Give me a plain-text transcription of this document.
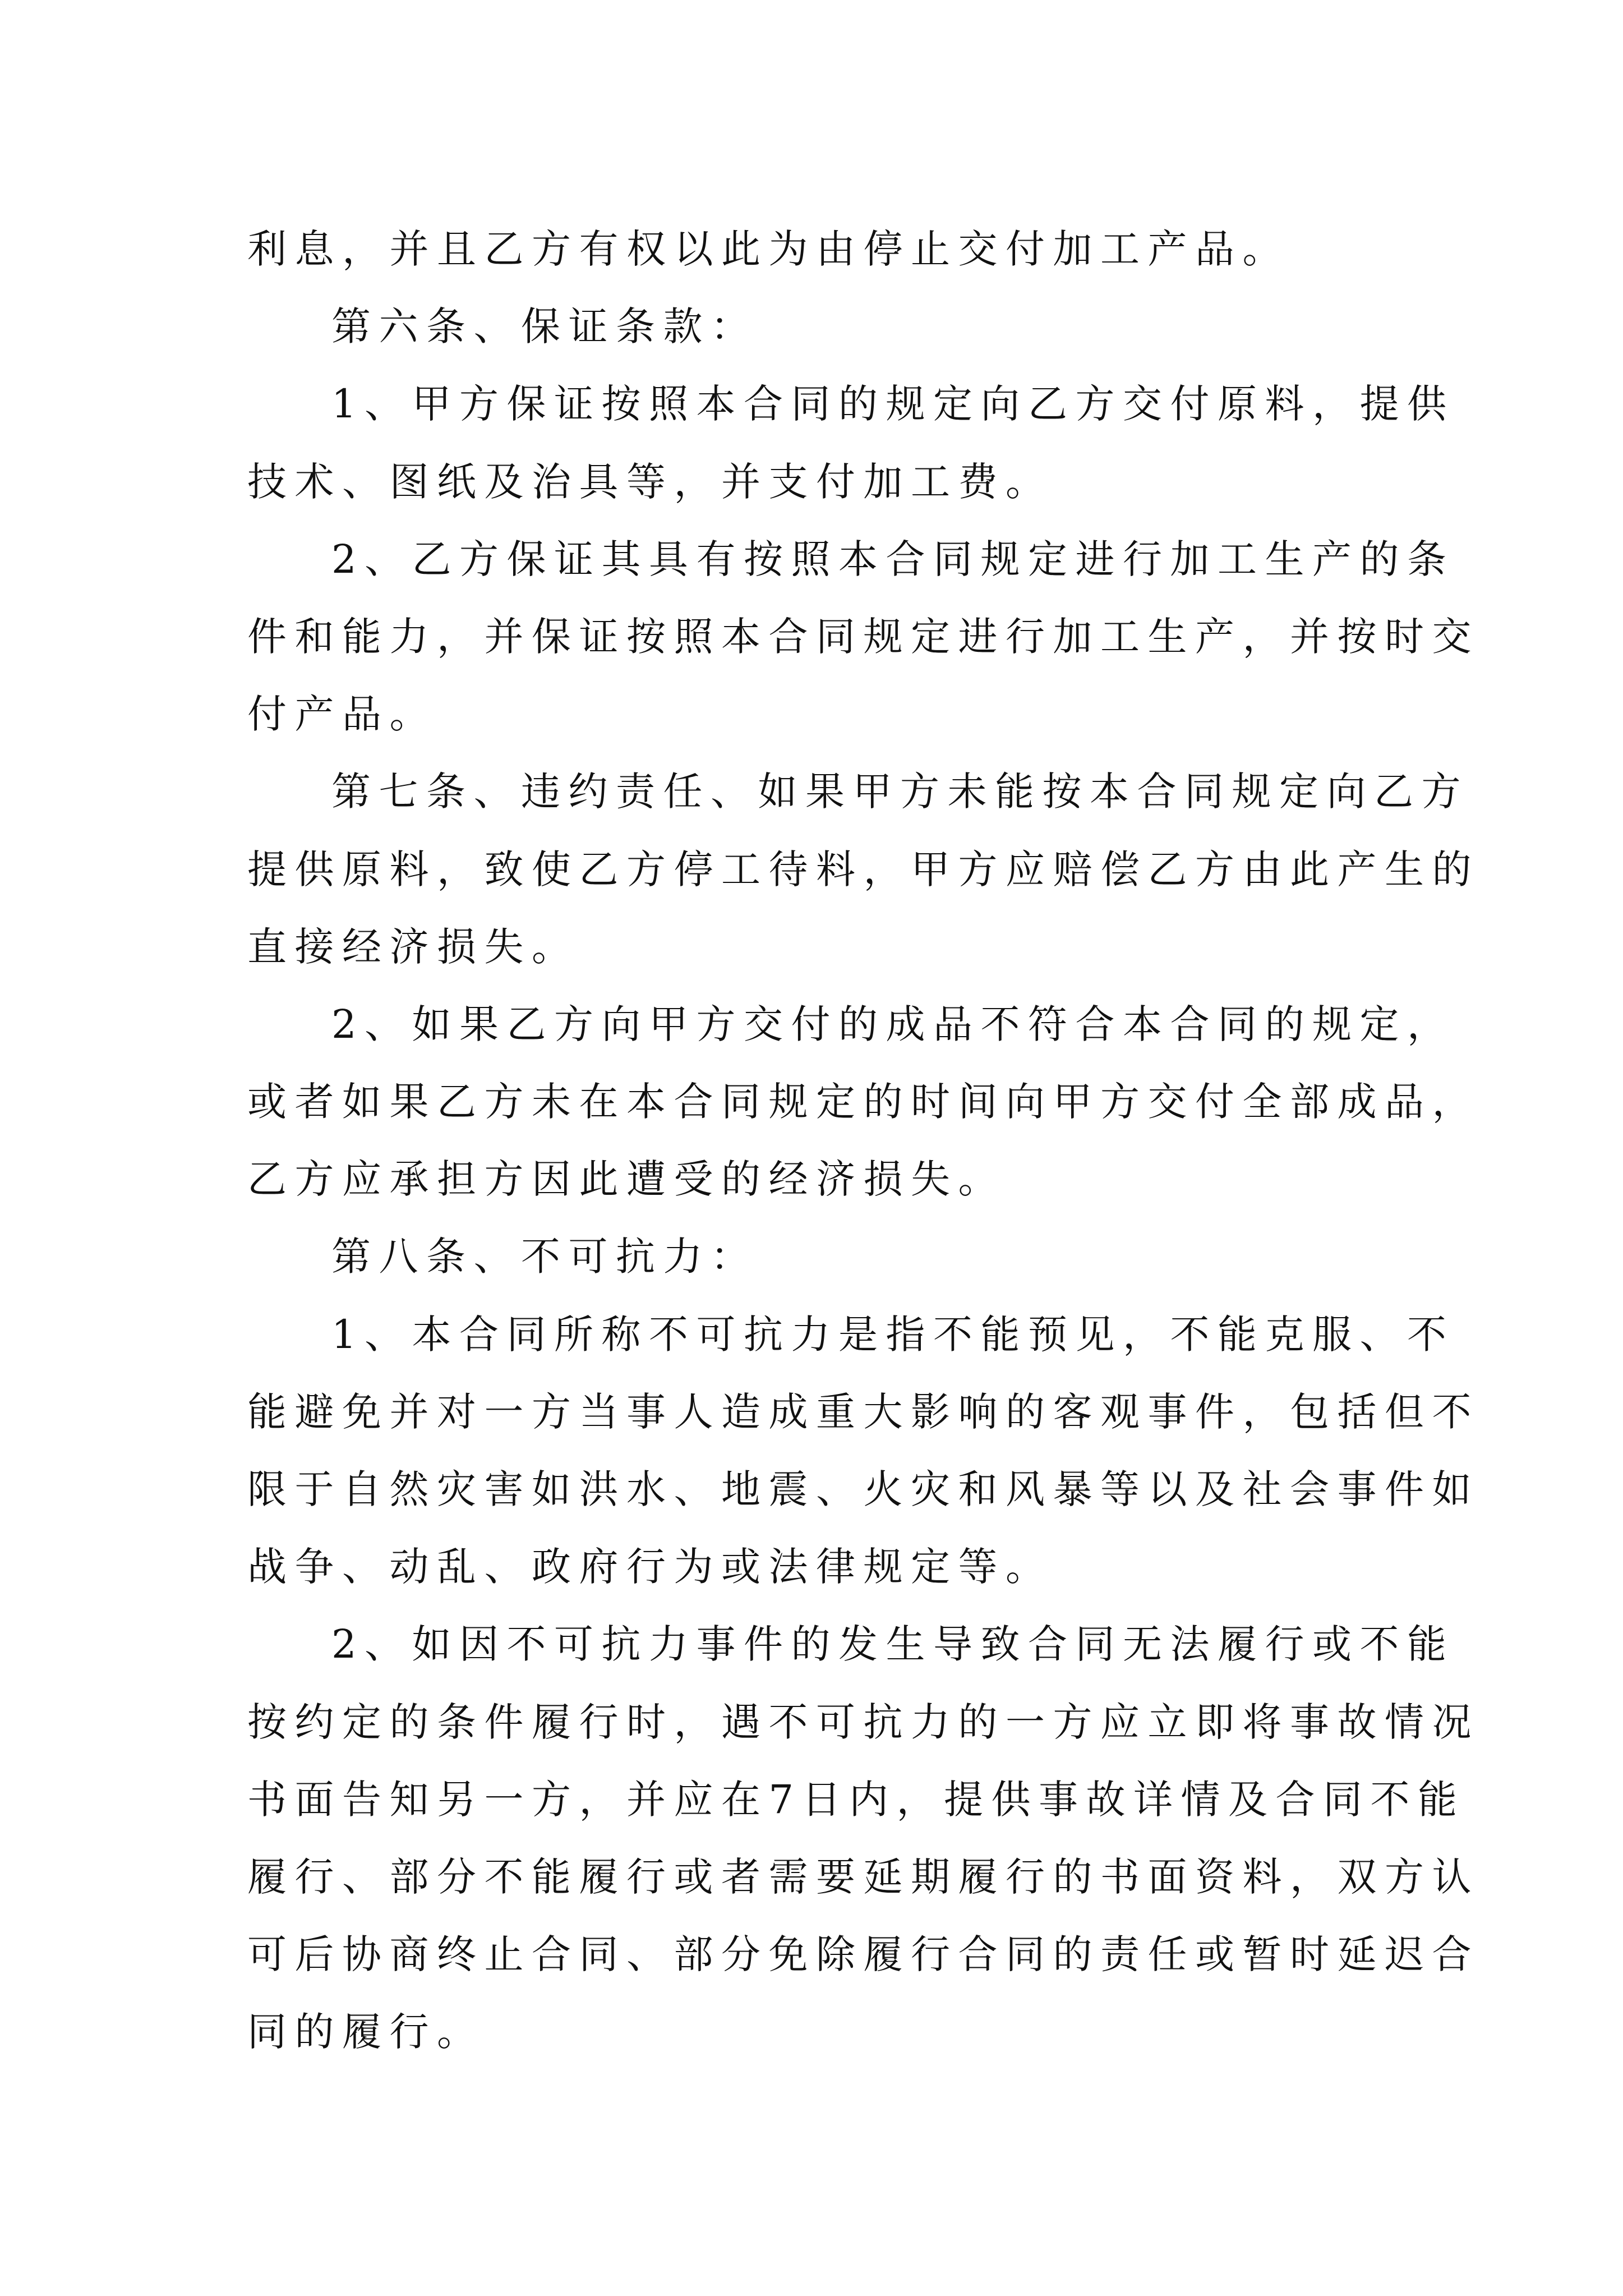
利息，并且乙方有权以此为由停止交付加工产品。
第六条、保证条款：
1、甲方保证按照本合同的规定向乙方交付原料，提供
技术、图纸及治具等，并支付加工费。
2、乙方保证其具有按照本合同规定进行加工生产的条
件和能力，并保证按照本合同规定进行加工生产，并按时交
付产品。
第七条、违约责任、如果甲方未能按本合同规定向乙方
提供原料，致使乙方停工待料，甲方应赔偿乙方由此产生的
直接经济损失。
2、如果乙方向甲方交付的成品不符合本合同的规定，
或者如果乙方未在本合同规定的时间向甲方交付全部成品，
乙方应承担方因此遭受的经济损失。
第八条、不可抗力：
1、本合同所称不可抗力是指不能预见，不能克服、不
能避免并对一方当事人造成重大影响的客观事件，包括但不
限于自然灾害如洪水、地震、火灾和风暴等以及社会事件如
战争、动乱、政府行为或法律规定等。
2、如因不可抗力事件的发生导致合同无法履行或不能
按约定的条件履行时，遇不可抗力的一方应立即将事故情况
书面告知另一方，并应在7日内，提供事故详情及合同不能
履行、部分不能履行或者需要延期履行的书面资料，双方认
可后协商终止合同、部分免除履行合同的责任或暂时延迟合
同的履行。
